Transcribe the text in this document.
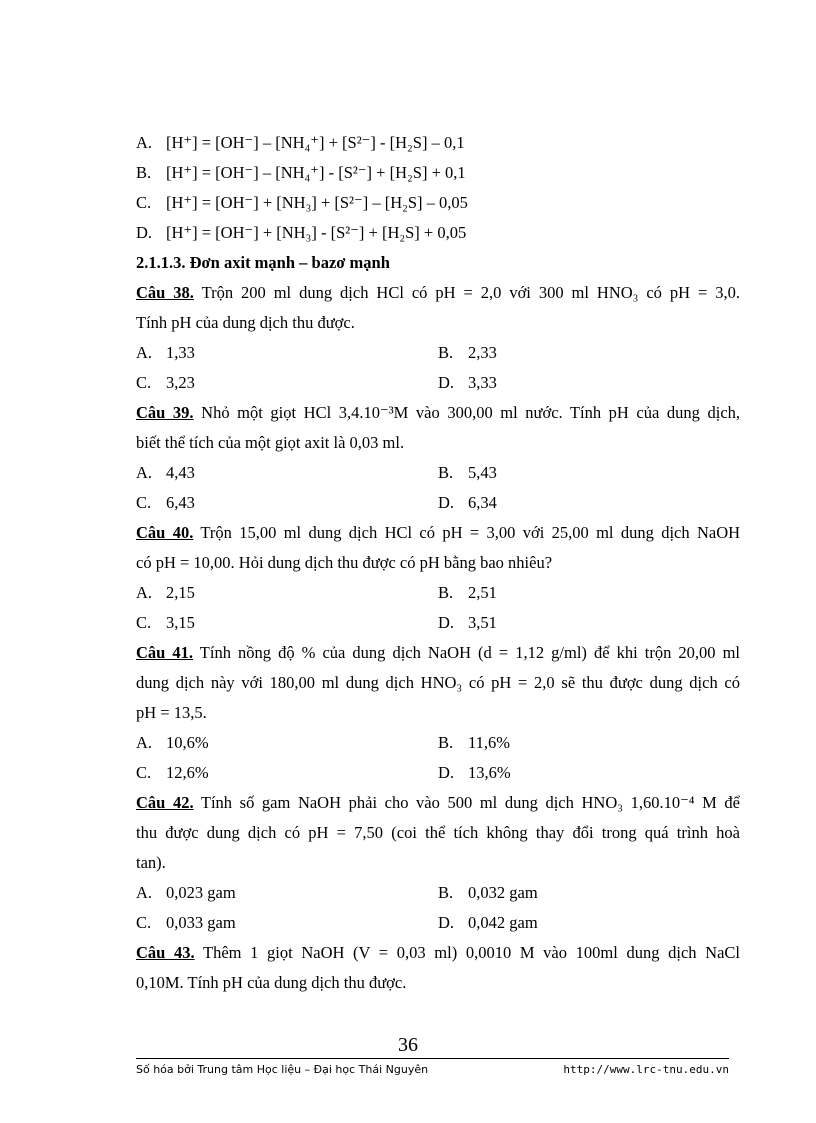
A. [H⁺] = [OH⁻] – [NH₄⁺] + [S²⁻] - [H₂S] – 0,1
B. [H⁺] = [OH⁻] – [NH₄⁺] - [S²⁻] + [H₂S] + 0,1
C. [H⁺] = [OH⁻] + [NH₃] + [S²⁻] – [H₂S] – 0,05
D. [H⁺] = [OH⁻] + [NH₃] - [S²⁻] + [H₂S] + 0,05
2.1.1.3. Đơn axit mạnh – bazơ mạnh
Câu 38. Trộn 200 ml dung dịch HCl có pH = 2,0 với 300 ml HNO₃ có pH = 3,0.
Tính pH của dung dịch thu được.
A. 1,33	B. 2,33
C. 3,23	D. 3,33
Câu 39. Nhỏ một giọt HCl 3,4.10⁻³M vào 300,00 ml nước. Tính pH của dung dịch,
biết thể tích của một giọt axit là 0,03 ml.
A. 4,43	B. 5,43
C. 6,43	D. 6,34
Câu 40. Trộn 15,00 ml dung dịch HCl có pH = 3,00 với 25,00 ml dung dịch NaOH
có pH = 10,00. Hỏi dung dịch thu được có pH bằng bao nhiêu?
A. 2,15	B. 2,51
C. 3,15	D. 3,51
Câu 41. Tính nồng độ % của dung dịch NaOH (d = 1,12 g/ml) để khi trộn 20,00 ml
dung dịch này với 180,00 ml dung dịch HNO₃ có pH = 2,0 sẽ thu được dung dịch có
pH = 13,5.
A. 10,6%	B. 11,6%
C. 12,6%	D. 13,6%
Câu 42. Tính số gam NaOH phải cho vào 500 ml dung dịch HNO₃ 1,60.10⁻⁴ M để
thu được dung dịch có pH = 7,50 (coi thể tích không thay đổi trong quá trình hoà
tan).
A. 0,023 gam	B. 0,032 gam
C. 0,033 gam	D. 0,042 gam
Câu 43. Thêm 1 giọt NaOH (V = 0,03 ml) 0,0010 M vào 100ml dung dịch NaCl
0,10M. Tính pH của dung dịch thu được.
36
Số hóa bởi Trung tâm Học liệu – Đại học Thái Nguyên	http://www.lrc-tnu.edu.vn
